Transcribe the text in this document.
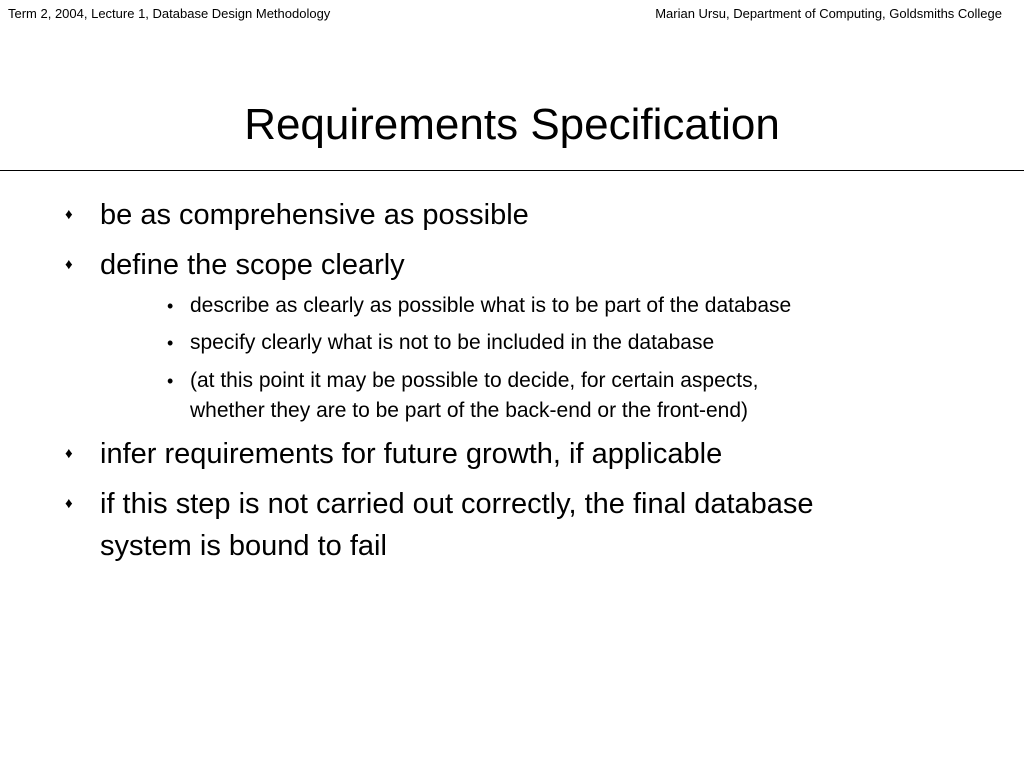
Term 2, 2004, Lecture 1, Database Design Methodology	Marian Ursu, Department of Computing, Goldsmiths College
Requirements Specification
♦ be as comprehensive as possible
♦ define the scope clearly
• describe as clearly as possible what is to be part of the database
• specify clearly what is not to be included in the database
• (at this point it may be possible to decide, for certain aspects,
whether they are to be part of the back-end or the front-end)
♦ infer requirements for future growth, if applicable
♦ if this step is not carried out correctly, the final database
system is bound to fail
